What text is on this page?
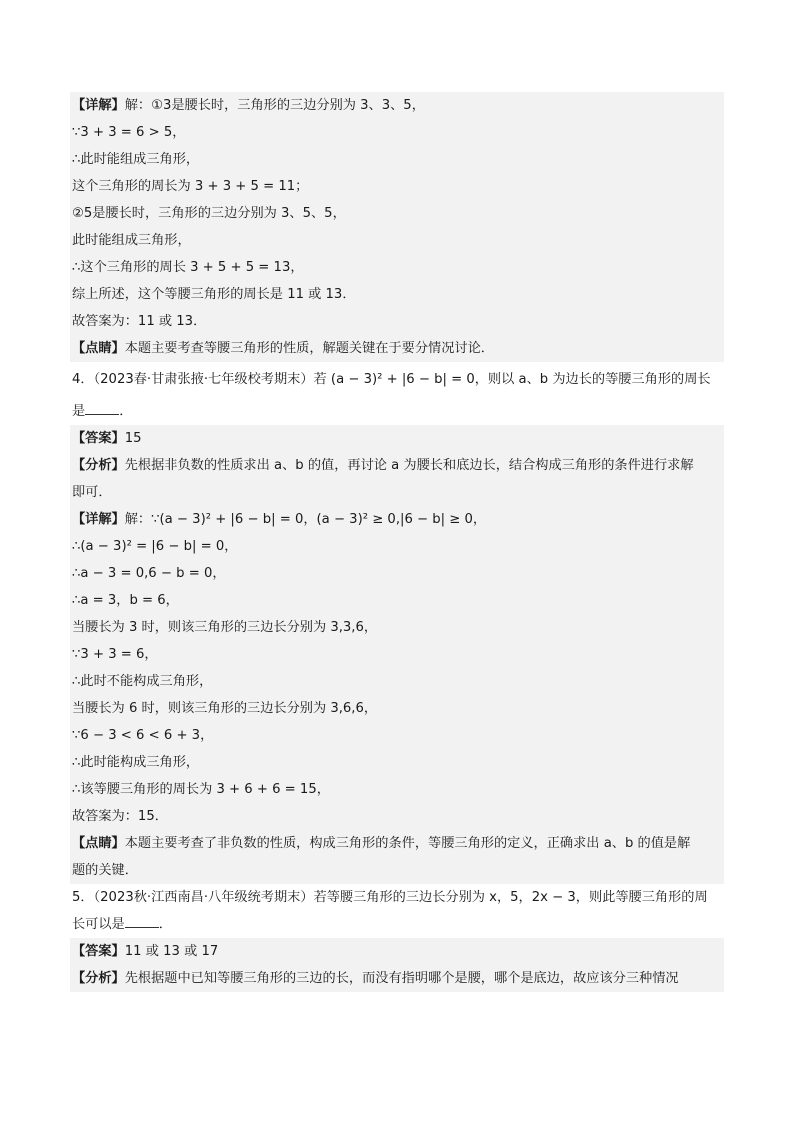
【详解】解：①3是腰长时，三角形的三边分别为 3、3、5，
∵3 + 3 = 6 > 5，
∴此时能组成三角形，
这个三角形的周长为 3 + 3 + 5 = 11；
②5是腰长时，三角形的三边分别为 3、5、5，
此时能组成三角形，
∴这个三角形的周长 3 + 5 + 5 = 13，
综上所述，这个等腰三角形的周长是 11 或 13．
故答案为：11 或 13．
【点睛】本题主要考查等腰三角形的性质，解题关键在于要分情况讨论．
4．（2023春·甘肃张掖·七年级校考期末）若 (a − 3)² + |6 − b| = 0，则以 a、b 为边长的等腰三角形的周长
是	．
【答案】15
【分析】先根据非负数的性质求出 a、b 的值，再讨论 a 为腰长和底边长，结合构成三角形的条件进行求解
即可．
【详解】解：∵(a − 3)² + |6 − b| = 0，(a − 3)² ≥ 0,|6 − b| ≥ 0，
∴(a − 3)² = |6 − b| = 0，
∴a − 3 = 0,6 − b = 0，
∴a = 3，b = 6，
当腰长为 3 时，则该三角形的三边长分别为 3,3,6，
∵3 + 3 = 6，
∴此时不能构成三角形，
当腰长为 6 时，则该三角形的三边长分别为 3,6,6，
∵6 − 3 < 6 < 6 + 3，
∴此时能构成三角形，
∴该等腰三角形的周长为 3 + 6 + 6 = 15，
故答案为：15．
【点睛】本题主要考查了非负数的性质，构成三角形的条件，等腰三角形的定义，正确求出 a、b 的值是解
题的关键．
5．（2023秋·江西南昌·八年级统考期末）若等腰三角形的三边长分别为 x，5，2x − 3，则此等腰三角形的周
长可以是	．
【答案】11 或 13 或 17
【分析】先根据题中已知等腰三角形的三边的长，而没有指明哪个是腰，哪个是底边，故应该分三种情况
